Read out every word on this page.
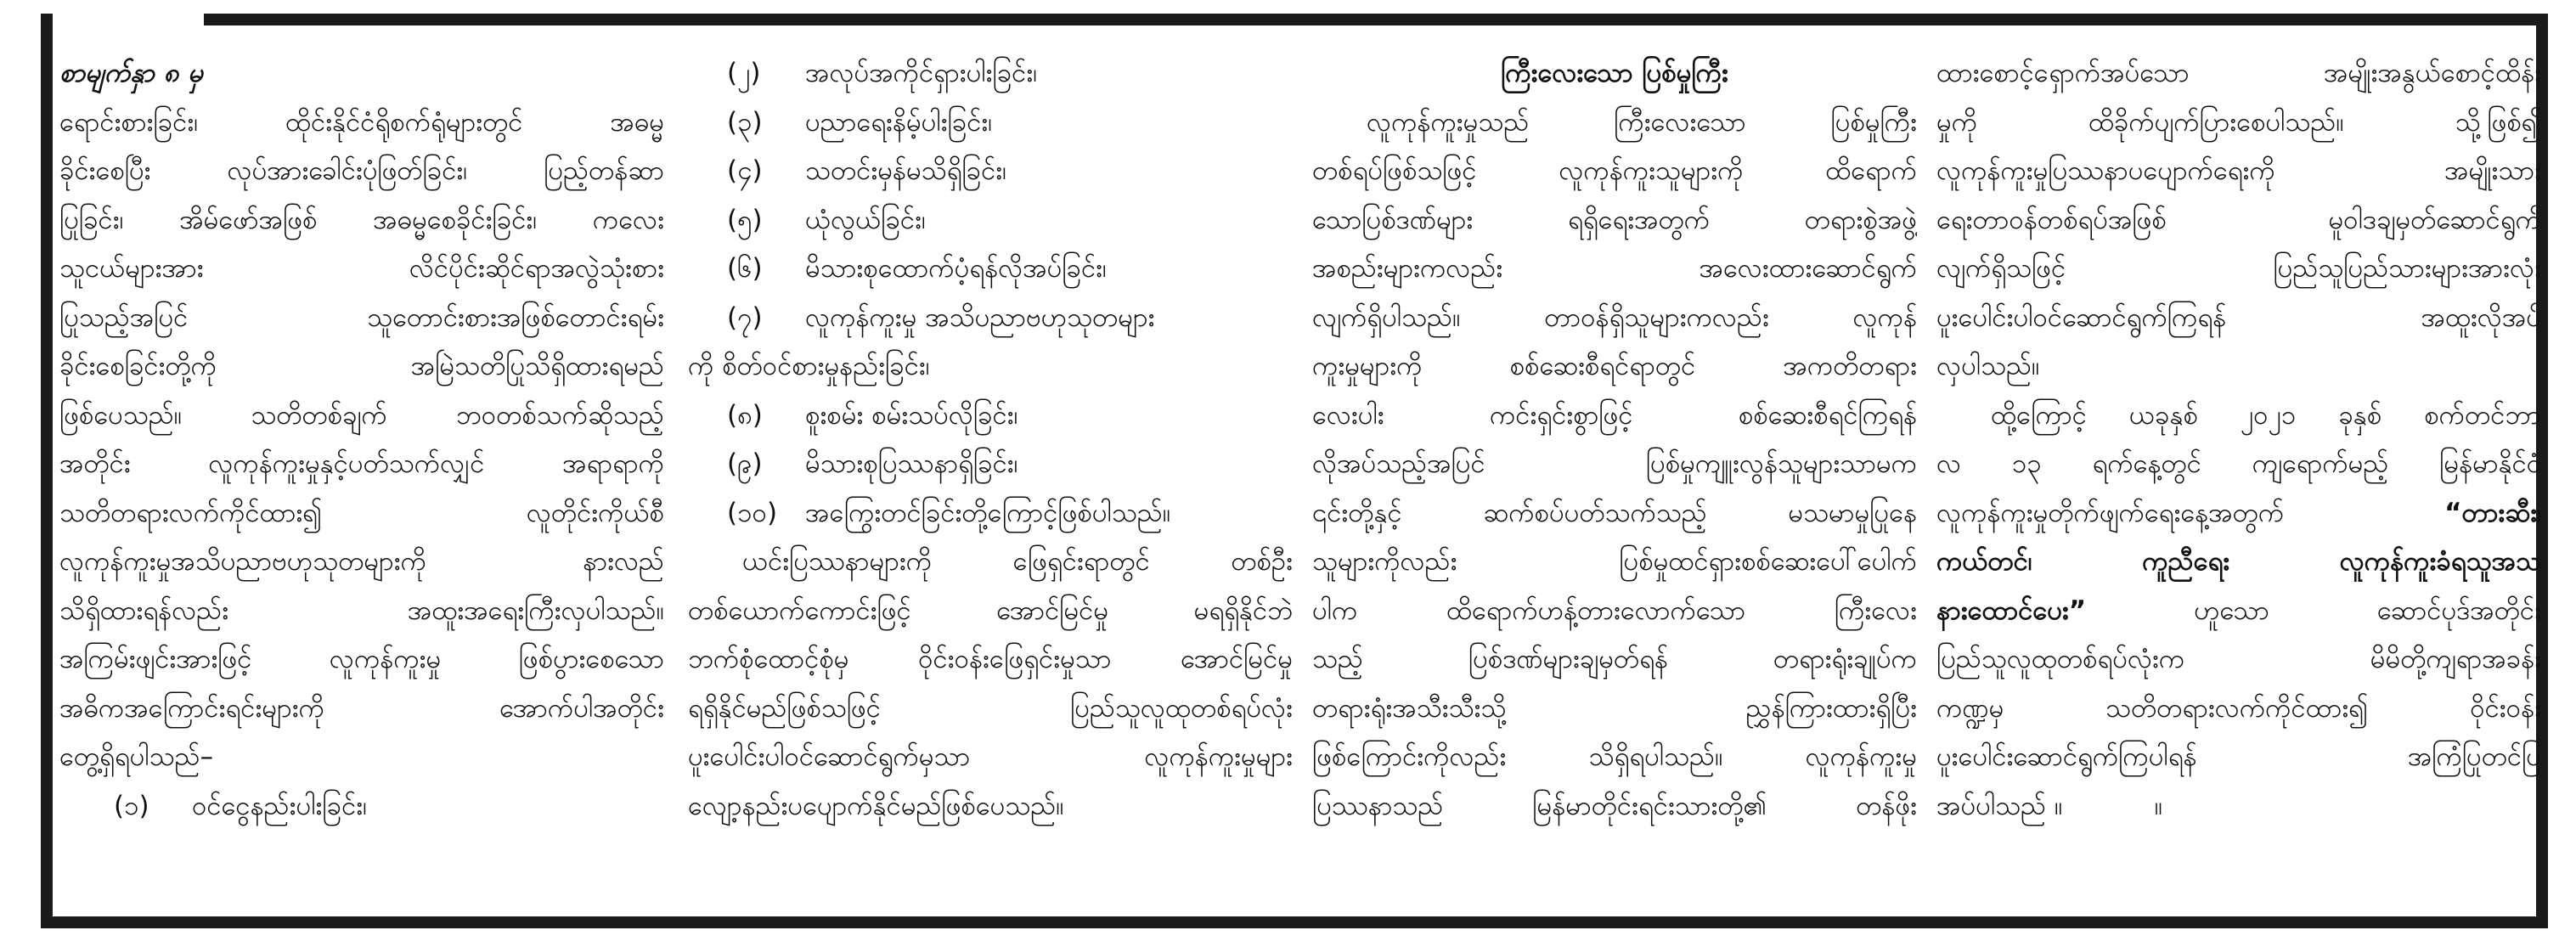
စာမျက်နှာ ၈ မှ

ရောင်းစားခြင်း၊ ထိုင်းနိုင်ငံရိုစက်ရုံများတွင် အဓမ္မ

ခိုင်းစေပြီး လုပ်အားခေါင်းပုံဖြတ်ခြင်း၊ ပြည့်တန်ဆာ

ပြုခြင်း၊ အိမ်ဖော်အဖြစ် အဓမ္မစေခိုင်းခြင်း၊ ကလေး

သူငယ်များအား လိင်ပိုင်းဆိုင်ရာအလွဲသုံးစား

ပြုသည့်အပြင် သူတောင်းစားအဖြစ်တောင်းရမ်း

ခိုင်းစေခြင်းတို့ကို အမြဲသတိပြုသိရှိထားရမည်

ဖြစ်ပေသည်။ သတိတစ်ချက် ဘဝတစ်သက်ဆိုသည့်

အတိုင်း လူကုန်ကူးမှုနှင့်ပတ်သက်လျှင် အရာရာကို

သတိတရားလက်ကိုင်ထား၍ လူတိုင်းကိုယ်စီ

လူကုန်ကူးမှုအသိပညာဗဟုသုတများကို နားလည်

သိရှိထားရန်လည်း အထူးအရေးကြီးလှပါသည်။

အကြမ်းဖျင်းအားဖြင့် လူကုန်ကူးမှု ဖြစ်ပွားစေသော

အဓိကအကြောင်းရင်းများကို အောက်ပါအတိုင်း

တွေ့ရှိရပါသည်–

(၁)	ဝင်ငွေနည်းပါးခြင်း၊
(၂)	အလုပ်အကိုင်ရှားပါးခြင်း၊
(၃)	ပညာရေးနိမ့်ပါးခြင်း၊
(၄)	သတင်းမှန်မသိရှိခြင်း၊
(၅)	ယုံလွယ်ခြင်း၊
(၆)	မိသားစုထောက်ပံ့ရန်လိုအပ်ခြင်း၊
(၇)	လူကုန်ကူးမှု အသိပညာဗဟုသုတများ

ကို စိတ်ဝင်စားမှုနည်းခြင်း၊

(၈)	စူးစမ်း စမ်းသပ်လိုခြင်း၊
(၉)	မိသားစုပြဿနာရှိခြင်း၊
(၁၀)	အကြွေးတင်ခြင်းတို့ကြောင့်ဖြစ်ပါသည်။

ယင်းပြဿနာများကို ဖြေရှင်းရာတွင် တစ်ဦး

တစ်ယောက်ကောင်းဖြင့် အောင်မြင်မှု မရရှိနိုင်ဘဲ

ဘက်စုံထောင့်စုံမှ ဝိုင်းဝန်းဖြေရှင်းမှုသာ အောင်မြင်မှု

ရရှိနိုင်မည်ဖြစ်သဖြင့် ပြည်သူလူထုတစ်ရပ်လုံး

ပူးပေါင်းပါဝင်ဆောင်ရွက်မှသာ လူကုန်ကူးမှုများ

လျော့နည်းပပျောက်နိုင်မည်ဖြစ်ပေသည်။

ကြီးလေးသော ပြစ်မှုကြီး

လူကုန်ကူးမှုသည် ကြီးလေးသော ပြစ်မှုကြီး

တစ်ရပ်ဖြစ်သဖြင့် လူကုန်ကူးသူများကို ထိရောက်

သောပြစ်ဒဏ်များ ရရှိရေးအတွက် တရားစွဲအဖွဲ့

အစည်းများကလည်း အလေးထားဆောင်ရွက်

လျက်ရှိပါသည်။ တာဝန်ရှိသူများကလည်း လူကုန်

ကူးမှုများကို စစ်ဆေးစီရင်ရာတွင် အကတိတရား

လေးပါး ကင်းရှင်းစွာဖြင့် စစ်ဆေးစီရင်ကြရန်

လိုအပ်သည့်အပြင် ပြစ်မှုကျူးလွန်သူများသာမက

၎င်းတို့နှင့် ဆက်စပ်ပတ်သက်သည့် မသမာမှုပြုနေ

သူများကိုလည်း ပြစ်မှုထင်ရှားစစ်ဆေးပေါ်ပေါက်

ပါက ထိရောက်ဟန့်တားလောက်သော ကြီးလေး

သည့် ပြစ်ဒဏ်များချမှတ်ရန် တရားရုံးချုပ်က

တရားရုံးအသီးသီးသို့ ညွှန်ကြားထားရှိပြီး

ဖြစ်ကြောင်းကိုလည်း သိရှိရပါသည်။ လူကုန်ကူးမှု

ပြဿနာသည် မြန်မာတိုင်းရင်းသားတို့၏ တန်ဖိုး

ထားစောင့်ရှောက်အပ်သော အမျိုးအနွယ်စောင့်ထိန်း

မှုကို ထိခိုက်ပျက်ပြားစေပါသည်။ သို့ဖြစ်၍

လူကုန်ကူးမှုပြဿနာပပျောက်ရေးကို အမျိုးသား

ရေးတာဝန်တစ်ရပ်အဖြစ် မူဝါဒချမှတ်ဆောင်ရွက်

လျက်ရှိသဖြင့် ပြည်သူပြည်သားများအားလုံး

ပူးပေါင်းပါဝင်ဆောင်ရွက်ကြရန် အထူးလိုအပ်

လှပါသည်။

ထို့ကြောင့် ယခုနှစ် ၂၀၂၁ ခုနှစ် စက်တင်ဘာ

လ ၁၃ ရက်နေ့တွင် ကျရောက်မည့် မြန်မာနိုင်ငံ

လူကုန်ကူးမှုတိုက်ဖျက်ရေးနေ့အတွက် “တားဆီး၊

ကယ်တင်၊ ကူညီရေး လူကုန်ကူးခံရသူအသ

နားထောင်ပေး” ဟူသော ဆောင်ပုဒ်အတိုင်း

ပြည်သူလူထုတစ်ရပ်လုံးက မိမိတို့ကျရာအခန်း

ကဏ္ဍမှ သတိတရားလက်ကိုင်ထား၍ ဝိုင်းဝန်း

ပူးပေါင်းဆောင်ရွက်ကြပါရန် အကြံပြုတင်ပြ

အပ်ပါသည် ။           ။
